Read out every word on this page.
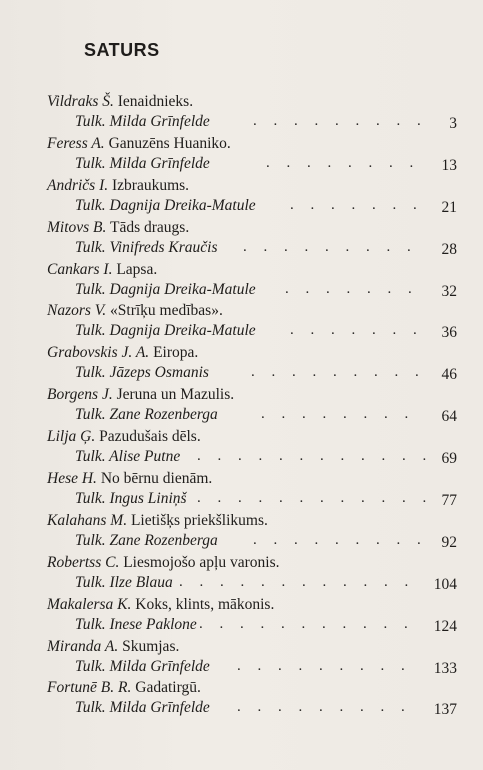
SATURS
Vildraks Š. Ienaidnieks.
Tulk. Milda Grīnfelde	. . . . . . . . . 3
Feress A. Ganuzēns Huaniko.
Tulk. Milda Grīnfelde	. . . . . . . . 13
Andričs I. Izbraukums.
Tulk. Dagnija Dreika-Matule . . . . . . . 21
Mitovs B. Tāds draugs.
Tulk. Vinifreds Kraučis . . . . . . . . . 28
Cankars I. Lapsa.
Tulk. Dagnija Dreika-Matule . . . . . . . 32
Nazors V. «Strīķu medības».
Tulk. Dagnija Dreika-Matule . . . . . . . 36
Grabovskis J. A. Eiropa.
Tulk. Jāzeps Osmanis	. . . . . . . . . 46
Borgens J. Jeruna un Mazulis.
Tulk. Zane Rozenberga	. . . . . . . . 64
Lilja Ģ. Pazudušais dēls.
Tulk. Alise Putne . . . . . . . . . . . . 69
Hese H. No bērnu dienām.
Tulk. Ingus Liniņš . . . . . . . . . . . . 77
Kalahans M. Lietišķs priekšlikums.
Tulk. Zane Rozenberga . . . . . . . . . 92
Robertss C. Liesmojošo apļu varonis.
Tulk. Ilze Blaua . . . . . . . . . . . . 104
Makalersa K. Koks, klints, mākonis.
Tulk. Inese Paklone . . . . . . . . . . . 124
Miranda A. Skumjas.
Tulk. Milda Grīnfelde . . . . . . . . . 133
Fortunē B. R. Gadatirgū.
Tulk. Milda Grīnfelde . . . . . . . . . 137
